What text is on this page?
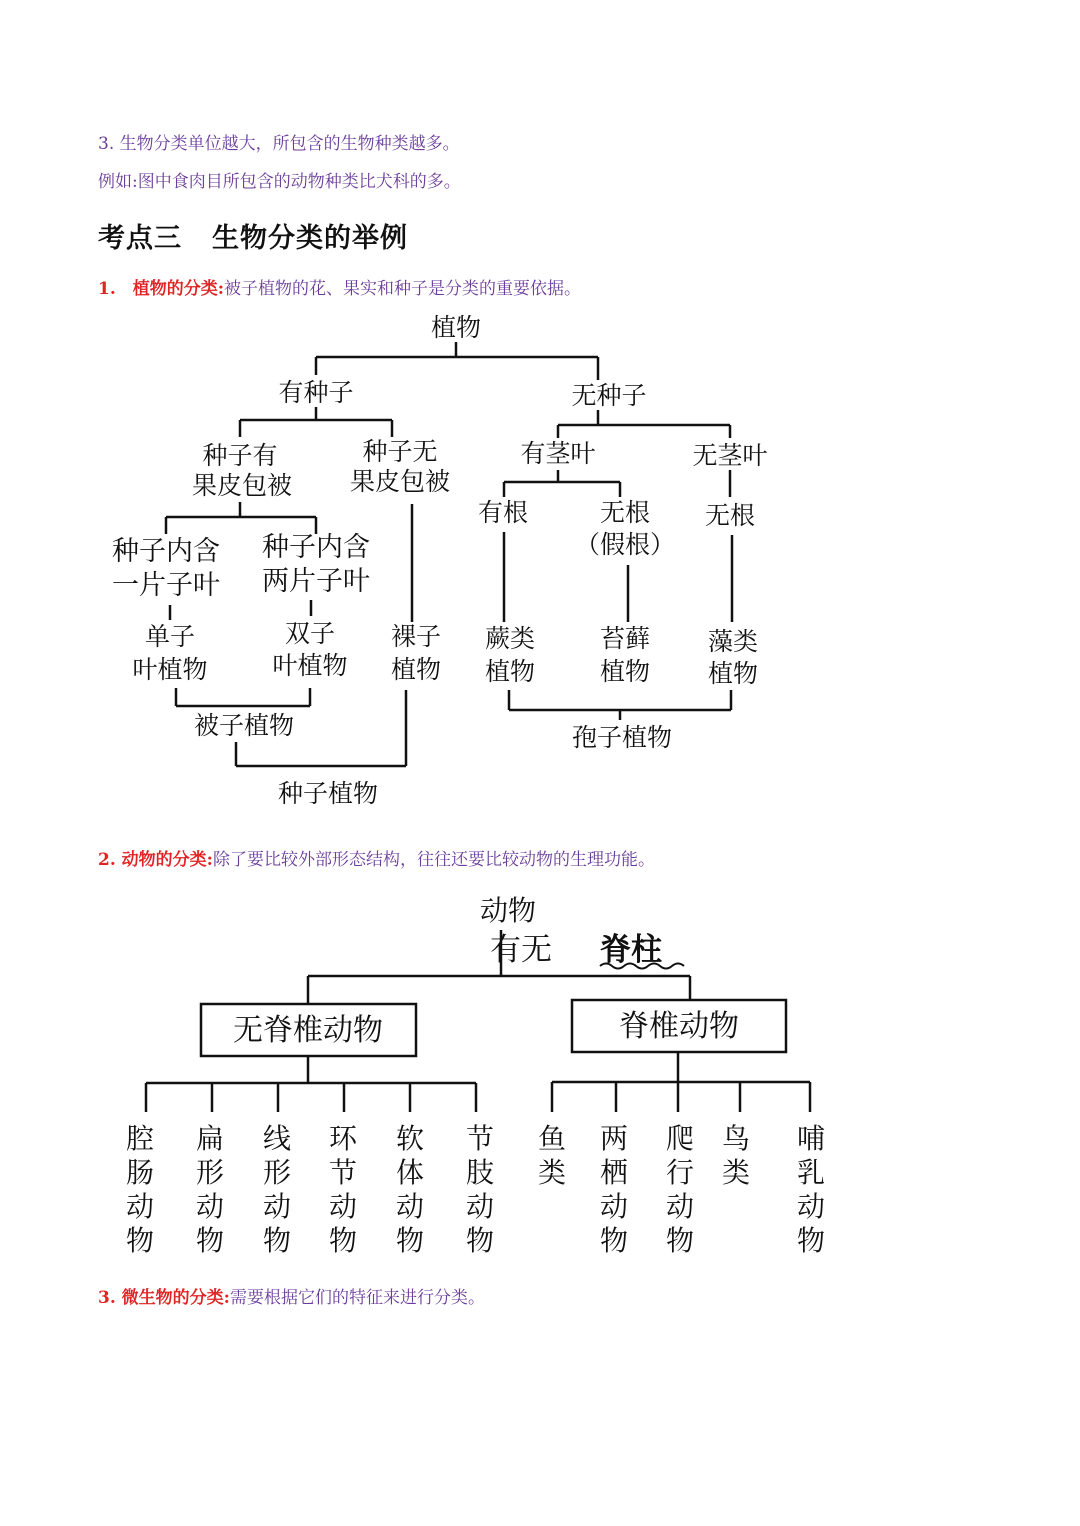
3. 生物分类单位越大，所包含的生物种类越多。
例如:图中食肉目所包含的动物种类比犬科的多。
考点三 生物分类的举例
1.　植物的分类:被子植物的花、果实和种子是分类的重要依据。
2. 动物的分类:除了要比较外部形态结构，往往还要比较动物的生理功能。
3. 微生物的分类:需要根据它们的特征来进行分类。
植物
有种子	无种子
种子有
果皮包被
种子无
果皮包被
有茎叶	无茎叶
种子内含
一片子叶
种子内含
两片子叶
有根	无根
（假根）
无根
单子
叶植物
双子
叶植物
裸子
植物
蕨类
植物
苔藓
植物
藻类
植物
被子植物	孢子植物
种子植物
动物
有无 脊柱
无脊椎动物	脊椎动物
腔
肠
动
物
扁
形
动
物
线
形
动
物
环
节
动
物
软
体
动
物
节
肢
动
物
鱼
类
两
栖
动
物
爬
行
动
物
鸟
类
哺
乳
动
物
